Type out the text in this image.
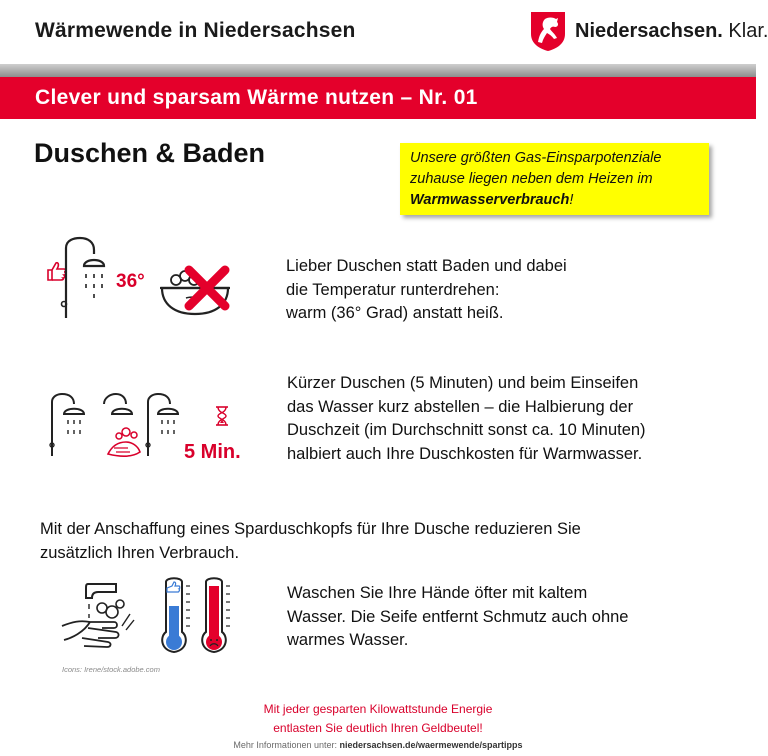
Wärmewende in Niedersachsen	Niedersachsen. Klar.
Clever und sparsam Wärme nutzen – Nr. 01
Duschen & Baden	Unsere größten Gas-Einsparpotenziale
zuhause liegen neben dem Heizen im
Warmwasserverbrauch!
36°
Lieber Duschen statt Baden und dabei
die Temperatur runterdrehen:
warm (36° Grad) anstatt heiß.
5 Min.
Kürzer Duschen (5 Minuten) und beim Einseifen
das Wasser kurz abstellen – die Halbierung der
Duschzeit (im Durchschnitt sonst ca. 10 Minuten)
halbiert auch Ihre Duschkosten für Warmwasser.
Mit der Anschaffung eines Sparduschkopfs für Ihre Dusche reduzieren Sie
zusätzlich Ihren Verbrauch.
Waschen Sie Ihre Hände öfter mit kaltem
Wasser. Die Seife entfernt Schmutz auch ohne
warmes Wasser.
Icons: Irene/stock.adobe.com
Mit jeder gesparten Kilowattstunde Energie
entlasten Sie deutlich Ihren Geldbeutel!
Mehr Informationen unter: niedersachsen.de/waermewende/spartipps
